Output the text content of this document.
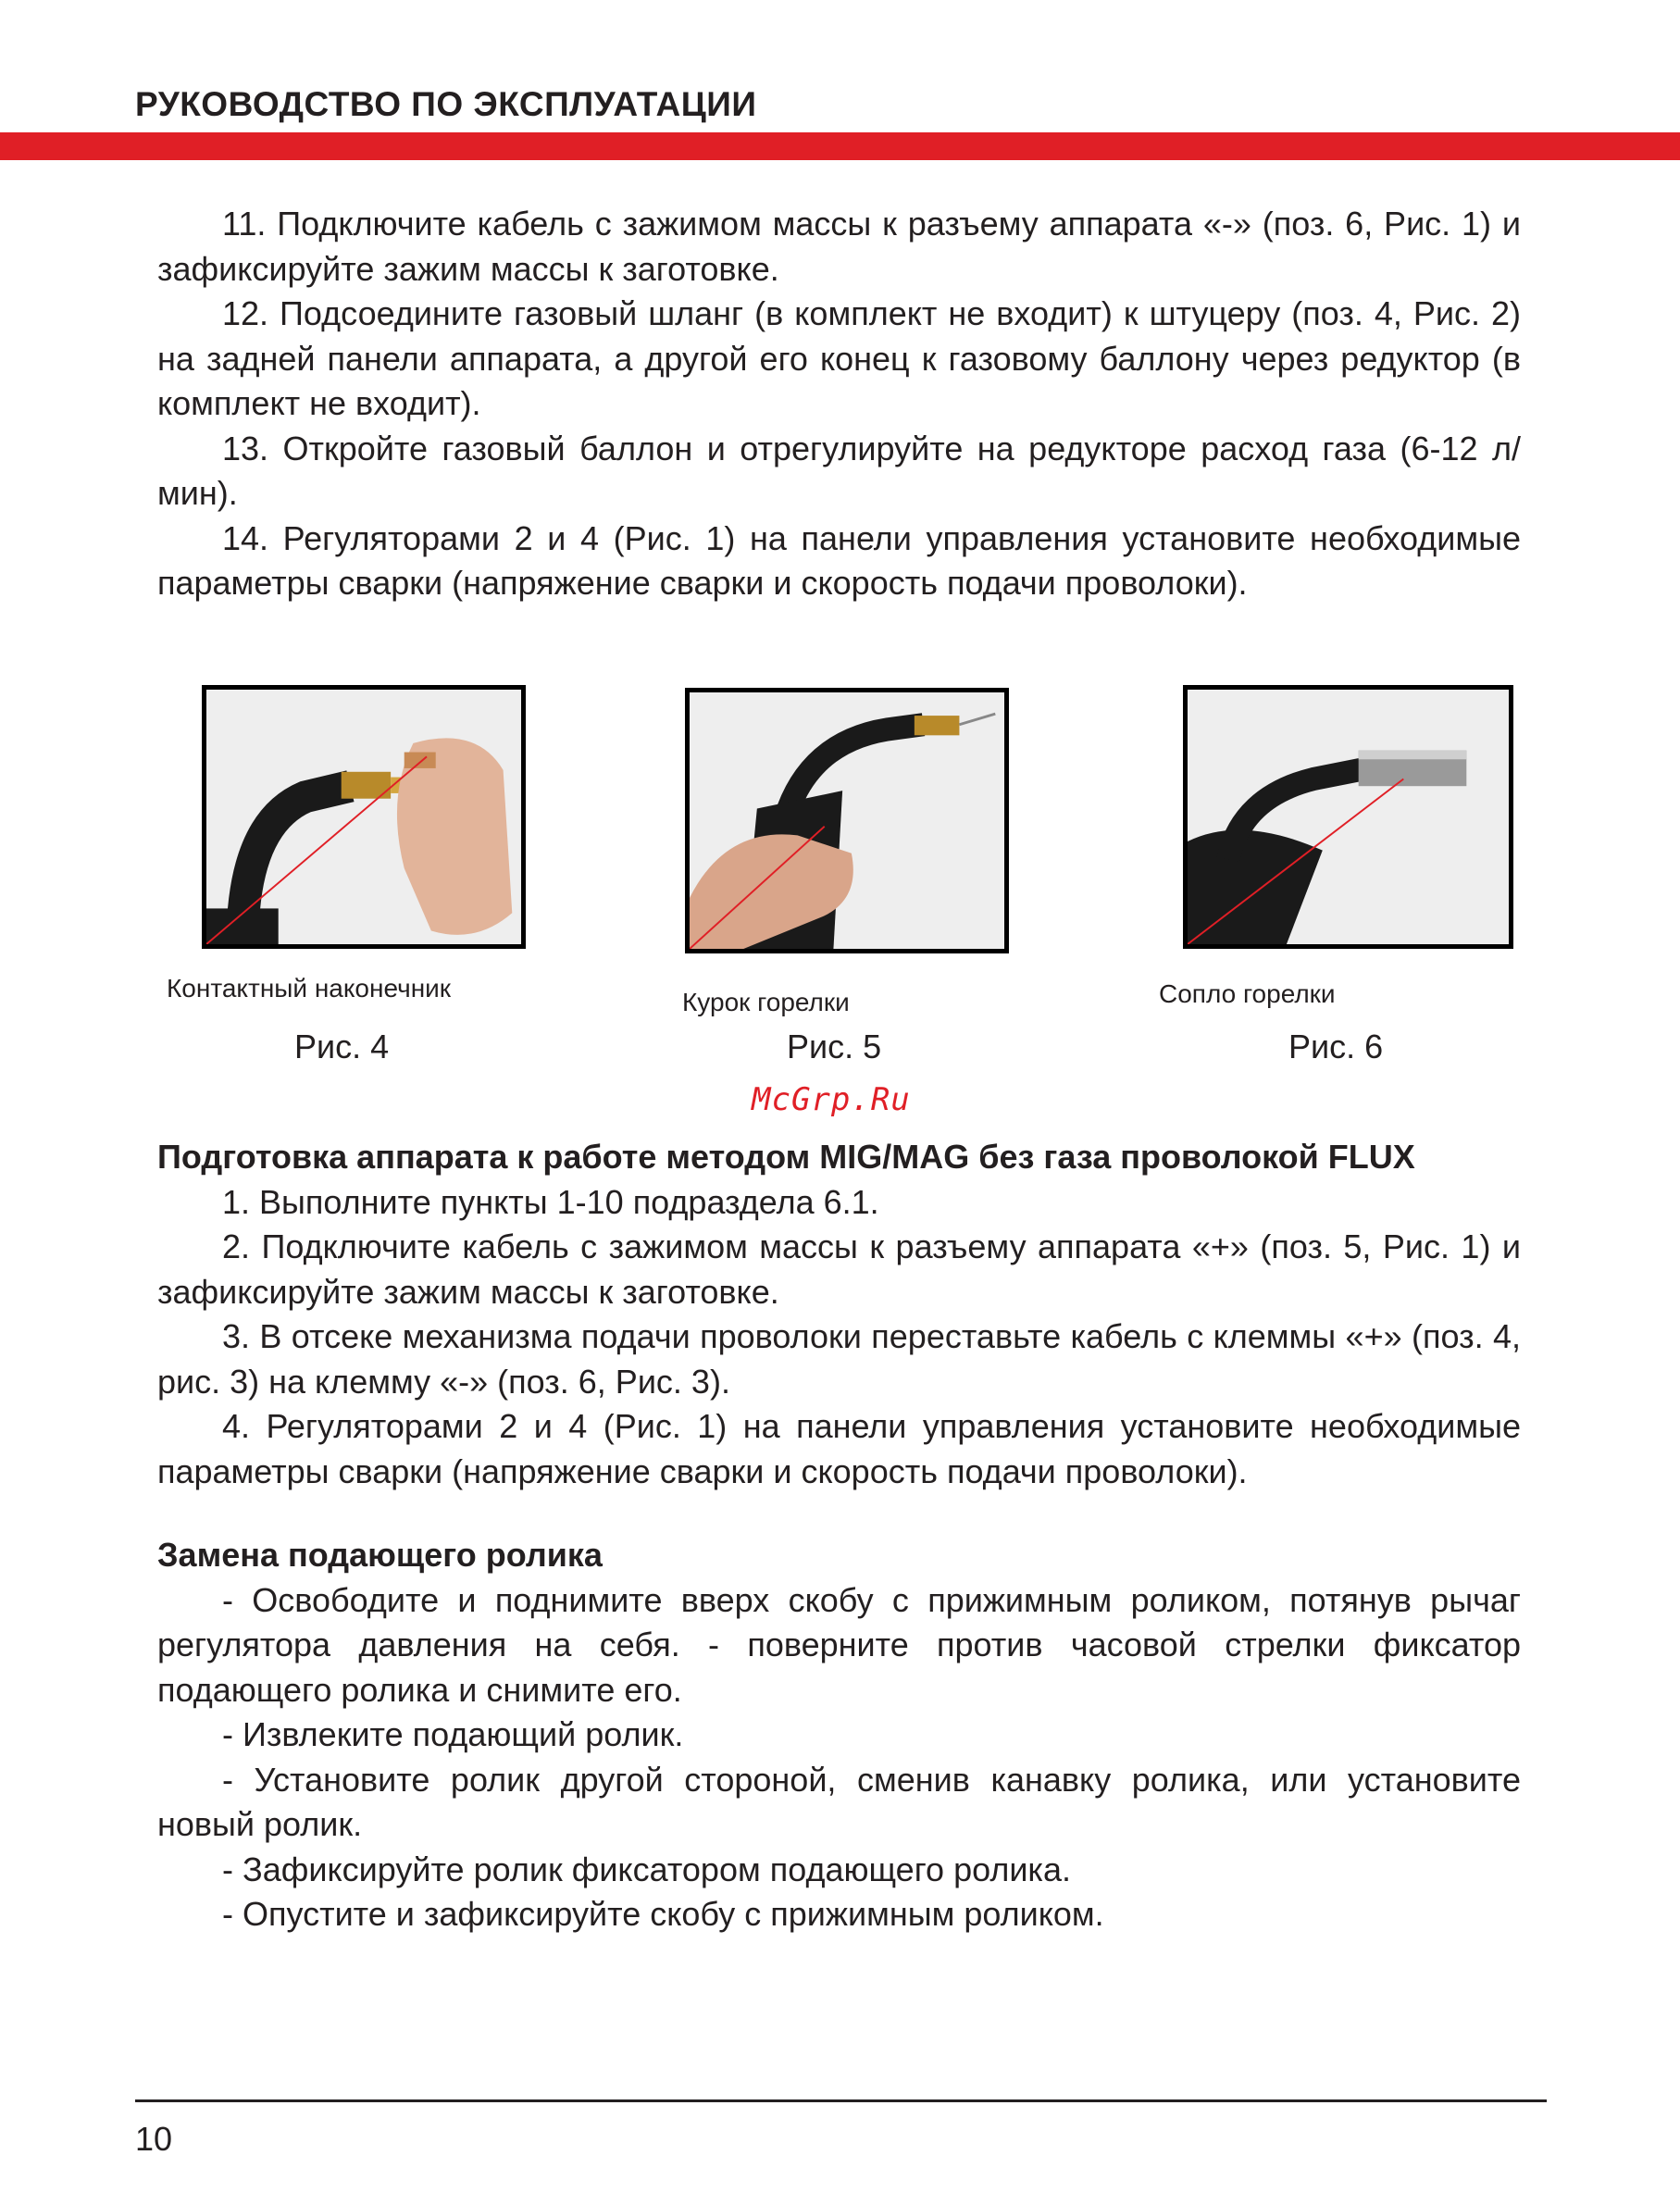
РУКОВОДСТВО ПО ЭКСПЛУАТАЦИИ

11. Подключите кабель с зажимом массы к разъему аппарата «-» (поз. 6, Рис. 1) и зафиксируйте зажим массы к заготовке.

12. Подсоедините газовый шланг (в комплект не входит) к штуцеру (поз. 4, Рис. 2) на задней панели аппарата, а другой его конец к газовому баллону через редуктор (в комплект не входит).

13. Откройте газовый баллон и отрегулируйте на редукторе расход газа (6-12 л/мин).

14. Регуляторами 2 и 4 (Рис. 1) на панели управления установите необходимые параметры сварки (напряжение сварки и скорость подачи проволоки).

Контактный наконечник
Рис. 4
Курок горелки
Рис. 5
Сопло горелки
Рис. 6
McGrp.Ru
Подготовка аппарата к работе методом MIG/MAG без газа проволокой FLUX

1. Выполните пункты 1-10 подраздела 6.1.

2. Подключите кабель с зажимом массы к разъему аппарата «+» (поз. 5, Рис. 1) и зафиксируйте зажим массы к заготовке.

3. В отсеке механизма подачи проволоки переставьте кабель с клеммы «+» (поз. 4, рис. 3) на клемму «-» (поз. 6, Рис. 3).

4. Регуляторами 2 и 4 (Рис. 1) на панели управления установите необходимые параметры сварки (напряжение сварки и скорость подачи проволоки).

Замена подающего ролика

- Освободите и поднимите вверх скобу с прижимным роликом, потянув рычаг регулятора давления на себя. - поверните против часовой стрелки фиксатор подающего ролика и снимите его.

- Извлеките подающий ролик.

- Установите ролик другой стороной, сменив канавку ролика, или установите новый ролик.

- Зафиксируйте ролик фиксатором подающего ролика.

- Опустите и зафиксируйте скобу с прижимным роликом.

10
